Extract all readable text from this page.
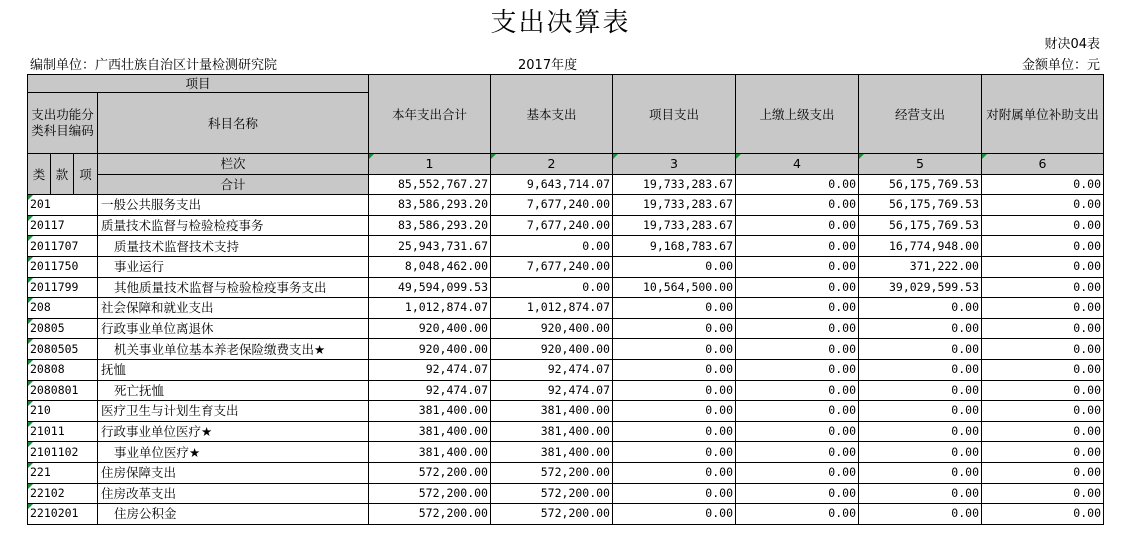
支出决算表
财决04表
编制单位：广西壮族自治区计量检测研究院	2017年度	金额单位：元
项目				本年支出合计	基本支出	项目支出	上缴上级支出	经营支出	对附属单位补助支出
支出功能分类科目编码			科目名称						
类	款	项	栏次	1	2	3	4	5	6
			合计	85,552,767.27	9,643,714.07	19,733,283.67	0.00	56,175,769.53	0.00
201			一般公共服务支出	83,586,293.20	7,677,240.00	19,733,283.67	0.00	56,175,769.53	0.00
20117			质量技术监督与检验检疫事务	83,586,293.20	7,677,240.00	19,733,283.67	0.00	56,175,769.53	0.00
2011707			质量技术监督技术支持	25,943,731.67	0.00	9,168,783.67	0.00	16,774,948.00	0.00
2011750			事业运行	8,048,462.00	7,677,240.00	0.00	0.00	371,222.00	0.00
2011799			其他质量技术监督与检验检疫事务支出	49,594,099.53	0.00	10,564,500.00	0.00	39,029,599.53	0.00
208			社会保障和就业支出	1,012,874.07	1,012,874.07	0.00	0.00	0.00	0.00
20805			行政事业单位离退休	920,400.00	920,400.00	0.00	0.00	0.00	0.00
2080505			机关事业单位基本养老保险缴费支出★	920,400.00	920,400.00	0.00	0.00	0.00	0.00
20808			抚恤	92,474.07	92,474.07	0.00	0.00	0.00	0.00
2080801			死亡抚恤	92,474.07	92,474.07	0.00	0.00	0.00	0.00
210			医疗卫生与计划生育支出	381,400.00	381,400.00	0.00	0.00	0.00	0.00
21011			行政事业单位医疗★	381,400.00	381,400.00	0.00	0.00	0.00	0.00
2101102			事业单位医疗★	381,400.00	381,400.00	0.00	0.00	0.00	0.00
221			住房保障支出	572,200.00	572,200.00	0.00	0.00	0.00	0.00
22102			住房改革支出	572,200.00	572,200.00	0.00	0.00	0.00	0.00
2210201			住房公积金	572,200.00	572,200.00	0.00	0.00	0.00	0.00
